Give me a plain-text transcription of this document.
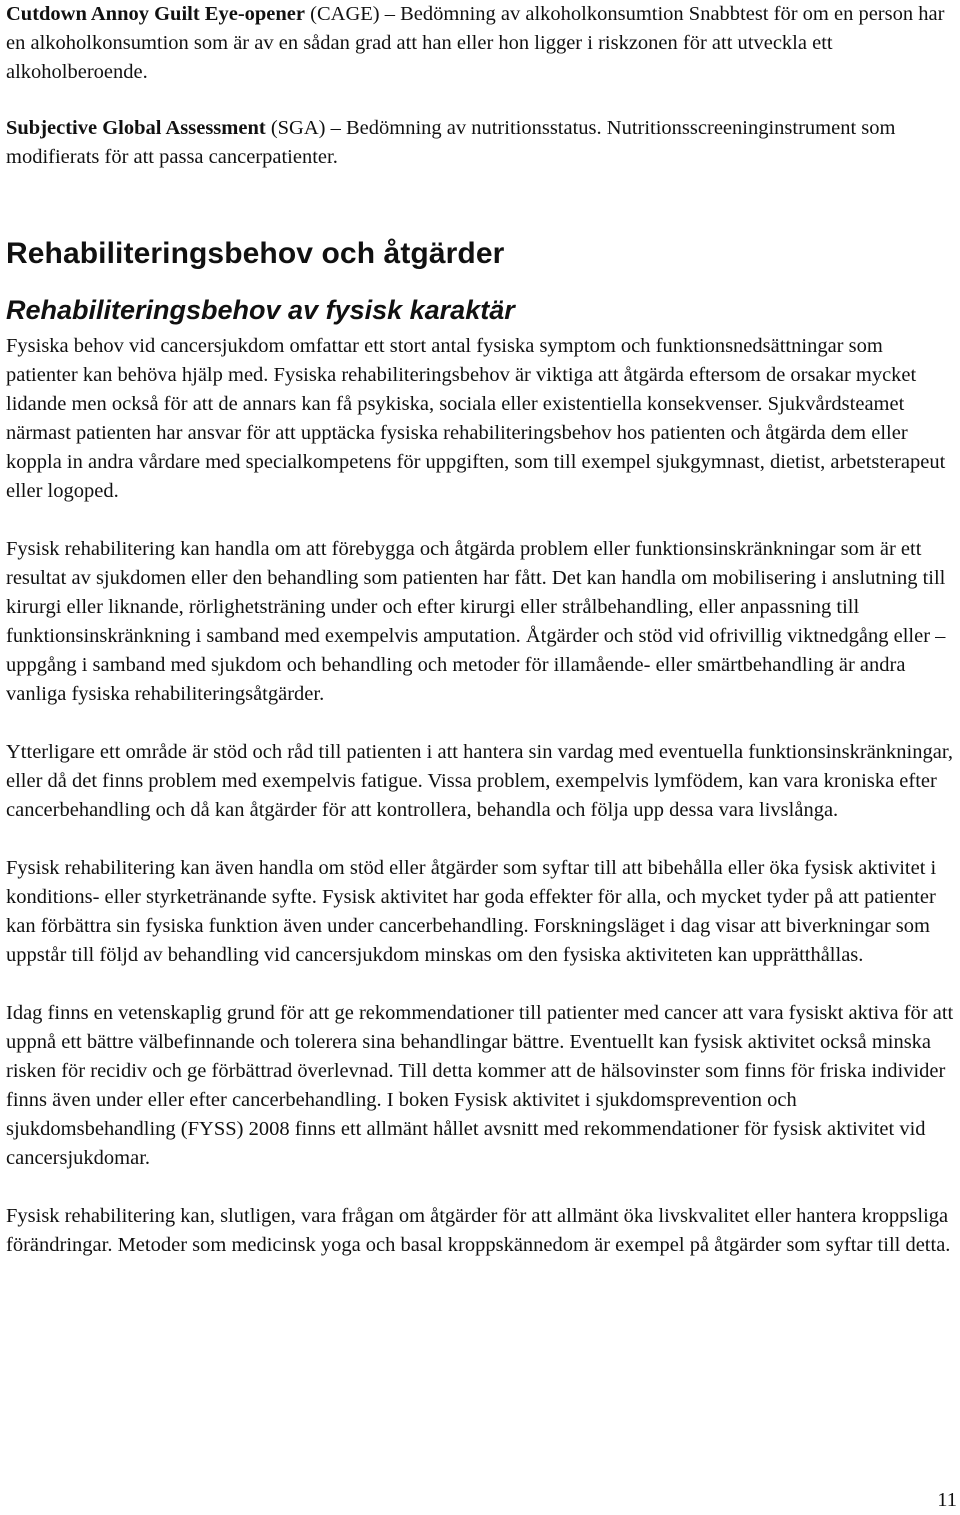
Cutdown Annoy Guilt Eye-opener (CAGE) – Bedömning av alkoholkonsumtion Snabbtest för om en person har en alkoholkonsumtion som är av en sådan grad att han eller hon ligger i riskzonen för att utveckla ett alkoholberoende.

Subjective Global Assessment (SGA) – Bedömning av nutritionsstatus. Nutritionsscreeninginstrument som modifierats för att passa cancerpatienter.

Rehabiliteringsbehov och åtgärder
Rehabiliteringsbehov av fysisk karaktär

Fysiska behov vid cancersjukdom omfattar ett stort antal fysiska symptom och funktionsnedsättningar som patienter kan behöva hjälp med. Fysiska rehabiliteringsbehov är viktiga att åtgärda eftersom de orsakar mycket lidande men också för att de annars kan få psykiska, sociala eller existentiella konsekvenser. Sjukvårdsteamet närmast patienten har ansvar för att upptäcka fysiska rehabiliteringsbehov hos patienten och åtgärda dem eller koppla in andra vårdare med specialkompetens för uppgiften, som till exempel sjukgymnast, dietist, arbetsterapeut eller logoped.

Fysisk rehabilitering kan handla om att förebygga och åtgärda problem eller funktionsinskränkningar som är ett resultat av sjukdomen eller den behandling som patienten har fått. Det kan handla om mobilisering i anslutning till kirurgi eller liknande, rörlighetsträning under och efter kirurgi eller strålbehandling, eller anpassning till funktionsinskränkning i samband med exempelvis amputation. Åtgärder och stöd vid ofrivillig viktnedgång eller –uppgång i samband med sjukdom och behandling och metoder för illamående- eller smärtbehandling är andra vanliga fysiska rehabiliteringsåtgärder.

Ytterligare ett område är stöd och råd till patienten i att hantera sin vardag med eventuella funktionsinskränkningar, eller då det finns problem med exempelvis fatigue. Vissa problem, exempelvis lymfödem, kan vara kroniska efter cancerbehandling och då kan åtgärder för att kontrollera, behandla och följa upp dessa vara livslånga.

Fysisk rehabilitering kan även handla om stöd eller åtgärder som syftar till att bibehålla eller öka fysisk aktivitet i konditions- eller styrketränande syfte. Fysisk aktivitet har goda effekter för alla, och mycket tyder på att patienter kan förbättra sin fysiska funktion även under cancerbehandling. Forskningsläget i dag visar att biverkningar som uppstår till följd av behandling vid cancersjukdom minskas om den fysiska aktiviteten kan upprätthållas.

Idag finns en vetenskaplig grund för att ge rekommendationer till patienter med cancer att vara fysiskt aktiva för att uppnå ett bättre välbefinnande och tolerera sina behandlingar bättre. Eventuellt kan fysisk aktivitet också minska risken för recidiv och ge förbättrad överlevnad. Till detta kommer att de hälsovinster som finns för friska individer finns även under eller efter cancerbehandling. I boken Fysisk aktivitet i sjukdomsprevention och sjukdomsbehandling (FYSS) 2008 finns ett allmänt hållet avsnitt med rekommendationer för fysisk aktivitet vid cancersjukdomar.

Fysisk rehabilitering kan, slutligen, vara frågan om åtgärder för att allmänt öka livskvalitet eller hantera kroppsliga förändringar. Metoder som medicinsk yoga och basal kroppskännedom är exempel på åtgärder som syftar till detta.

11
